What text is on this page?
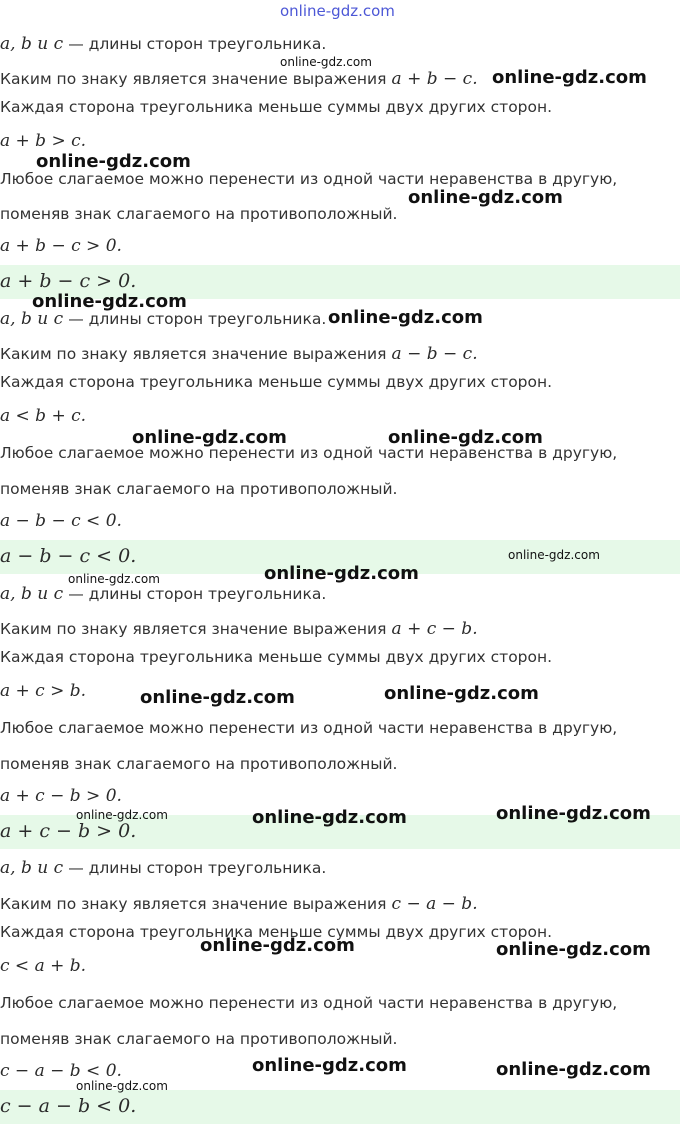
online-gdz.com
a, b и c — длины сторон треугольника.
Каким по знаку является значение выражения a + b − c.
Каждая сторона треугольника меньше суммы двух других сторон.
a + b > c.
Любое слагаемое можно перенести из одной части неравенства в другую,
поменяв знак слагаемого на противоположный.
a + b − c > 0.
a + b − c > 0.
a, b и c — длины сторон треугольника.
Каким по знаку является значение выражения a − b − c.
Каждая сторона треугольника меньше суммы двух других сторон.
a < b + c.
Любое слагаемое можно перенести из одной части неравенства в другую,
поменяв знак слагаемого на противоположный.
a − b − c < 0.
a − b − c < 0.
a, b и c — длины сторон треугольника.
Каким по знаку является значение выражения a + c − b.
Каждая сторона треугольника меньше суммы двух других сторон.
a + c > b.
Любое слагаемое можно перенести из одной части неравенства в другую,
поменяв знак слагаемого на противоположный.
a + c − b > 0.
a + c − b > 0.
a, b и c — длины сторон треугольника.
Каким по знаку является значение выражения c − a − b.
Каждая сторона треугольника меньше суммы двух других сторон.
c < a + b.
Любое слагаемое можно перенести из одной части неравенства в другую,
поменяв знак слагаемого на противоположный.
c − a − b < 0.
c − a − b < 0.
online-gdz.com
online-gdz.com
online-gdz.com
online-gdz.com
online-gdz.com
online-gdz.com
online-gdz.com	online-gdz.com
online-gdz.com
online-gdz.com	online-gdz.com
online-gdz.com	online-gdz.com
online-gdz.com	online-gdz.com	online-gdz.com
online-gdz.com	online-gdz.com
online-gdz.com	online-gdz.com
online-gdz.com
